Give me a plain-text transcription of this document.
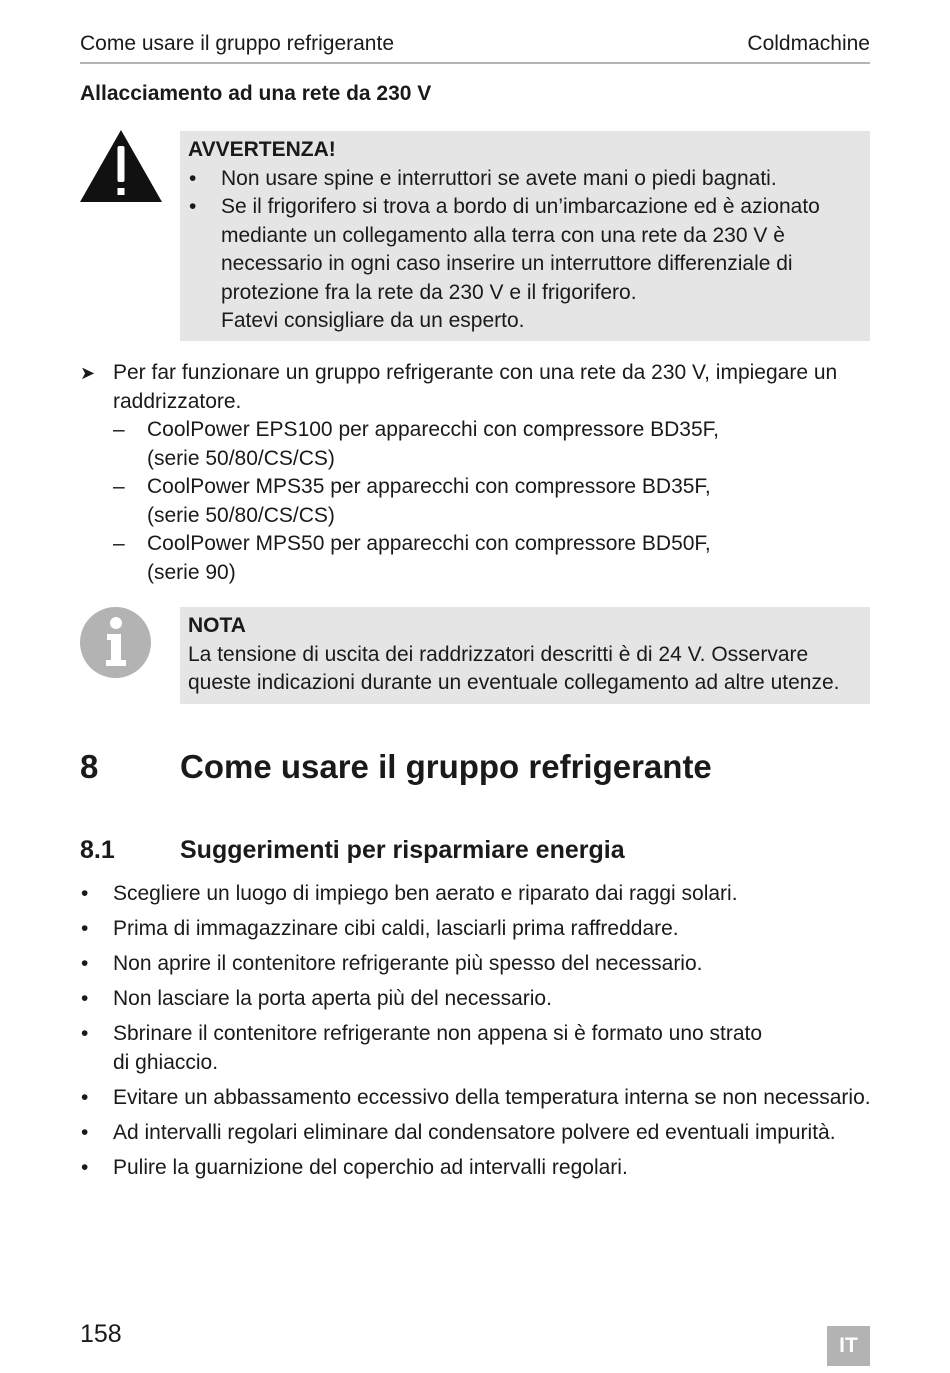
Come usare il gruppo refrigerante	Coldmachine
Allacciamento ad una rete da 230 V
AVVERTENZA!
• Non usare spine e interruttori se avete mani o piedi bagnati.
• Se il frigorifero si trova a bordo di un’imbarcazione ed è azionato mediante un collegamento alla terra con una rete da 230 V è necessario in ogni caso inserire un interruttore differenziale di protezione fra la rete da 230 V e il frigorifero.
Fatevi consigliare da un esperto.
➤ Per far funzionare un gruppo refrigerante con una rete da 230 V, impiegare un raddrizzatore.
– CoolPower EPS100 per apparecchi con compressore BD35F,
(serie 50/80/CS/CS)
– CoolPower MPS35 per apparecchi con compressore BD35F,
(serie 50/80/CS/CS)
– CoolPower MPS50 per apparecchi con compressore BD50F,
(serie 90)
NOTA
La tensione di uscita dei raddrizzatori descritti è di 24 V. Osservare queste indicazioni durante un eventuale collegamento ad altre utenze.
8 Come usare il gruppo refrigerante
8.1	Suggerimenti per risparmiare energia
• Scegliere un luogo di impiego ben aerato e riparato dai raggi solari.
• Prima di immagazzinare cibi caldi, lasciarli prima raffreddare.
• Non aprire il contenitore refrigerante più spesso del necessario.
• Non lasciare la porta aperta più del necessario.
• Sbrinare il contenitore refrigerante non appena si è formato uno strato di ghiaccio.
• Evitare un abbassamento eccessivo della temperatura interna se non necessario.
• Ad intervalli regolari eliminare dal condensatore polvere ed eventuali impurità.
• Pulire la guarnizione del coperchio ad intervalli regolari.
158	IT
